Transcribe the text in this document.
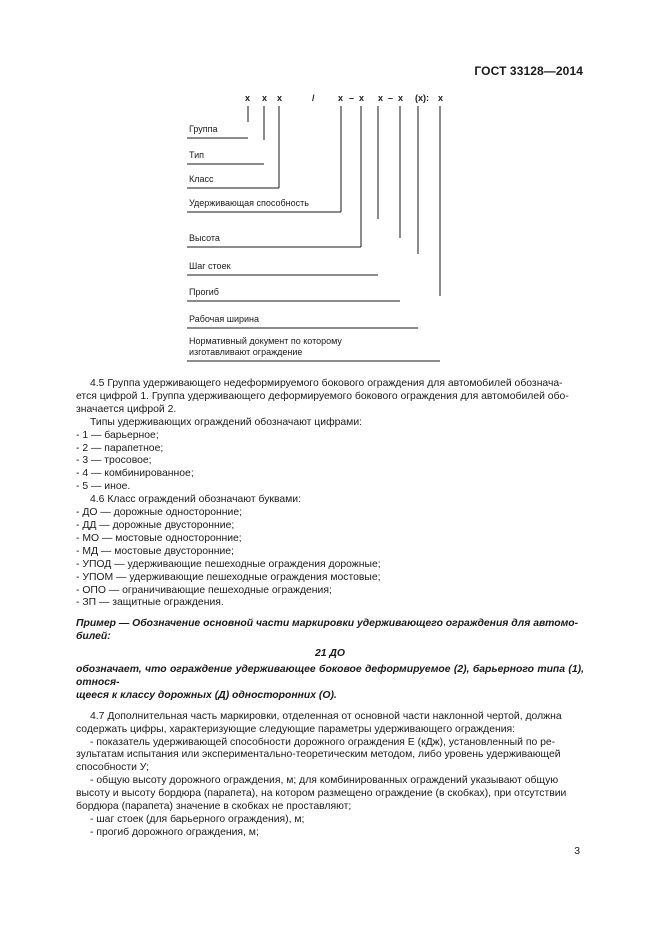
ГОСТ 33128—2014
x x x	/	x – x x – x (x): x
Группа
Тип
Класс
Удерживающая способность
Высота
Шаг стоек
Прогиб
Рабочая ширина
Нормативный документ по которому
изготавливают ограждение

4.5 Группа удерживающего недеформируемого бокового ограждения для автомобилей обознача-

ется цифрой 1. Группа удерживающего деформируемого бокового ограждения для автомобилей обо-

значается цифрой 2.

Типы удерживающих ограждений обозначают цифрами:

- 1 — барьерное;

- 2 — парапетное;

- 3 — тросовое;

- 4 — комбинированное;

- 5 — иное.

4.6 Класс ограждений обозначают буквами:

- ДО — дорожные односторонние;

- ДД — дорожные двусторонние;

- МО — мостовые односторонние;

- МД — мостовые двусторонние;

- УПОД — удерживающие пешеходные ограждения дорожные;

- УПОМ — удерживающие пешеходные ограждения мостовые;

- ОПО — ограничивающие пешеходные ограждения;

- ЗП — защитные ограждения.

Пример — Обозначение основной части маркировки удерживающего ограждения для автомо-

билей:

21 ДО

обозначает, что ограждение удерживающее боковое деформируемое (2), барьерного типа (1), относя-

щееся к классу дорожных (Д) односторонних (О).

4.7 Дополнительная часть маркировки, отделенная от основной части наклонной чертой, должна

содержать цифры, характеризующие следующие параметры удерживающего ограждения:

- показатель удерживающей способности дорожного ограждения Е (кДж), установленный по ре-

зультатам испытания или экспериментально-теоретическим методом, либо уровень удерживающей

способности У;

- общую высоту дорожного ограждения, м; для комбинированных ограждений указывают общую

высоту и высоту бордюра (парапета), на котором размещено ограждение (в скобках), при отсутствии

бордюра (парапета) значение в скобках не проставляют;

- шаг стоек (для барьерного ограждения), м;

- прогиб дорожного ограждения, м;

3
